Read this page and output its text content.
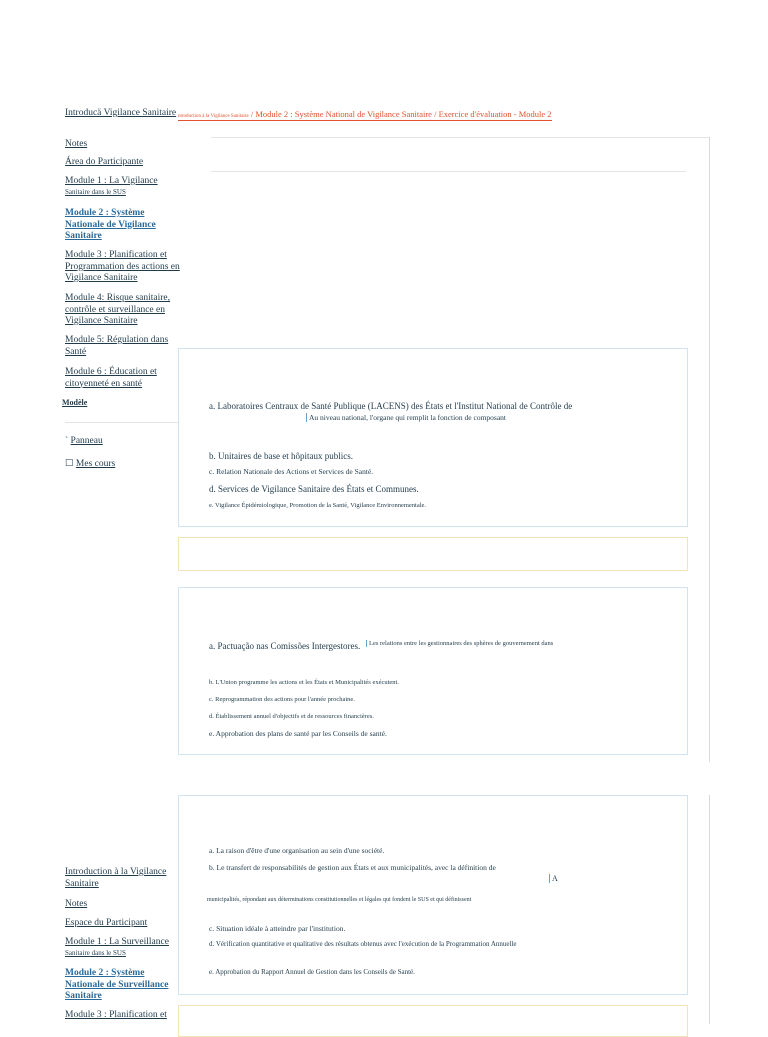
Introducä Vigilance Sanitaire
Notes
Área do Participante
Module 1 : La Vigilance
Sanitaire dans le SUS
Module 2 : Système Nationale de Vigilance Sanitaire
Module 3 : Planification et Programmation des actions en Vigilance Sanitaire
Module 4: Risque sanitaire, contrôle et surveillance en Vigilance Sanitaire
Module 5: Régulation dans Santé
Module 6 : Éducation et citoyenneté en santé
Modèle
ˋ Panneau
☐ Mes cours
ntroduction à la Vigilance Sanitaire / Module 2 : Système National de Vigilance Sanitaire / Exercice d'évaluation - Module 2
a. Laboratoires Centraux de Santé Publique (LACENS) des États et l'Institut National de Contrôle de
Au niveau national, l'organe qui remplit la fonction de composant
b. Unitaires de base et hôpitaux publics.
c. Relation Nationale des Actions et Services de Santé.
d. Services de Vigilance Sanitaire des États et Communes.
e. Vigilance Épidémiologique, Promotion de la Santé, Vigilance Environnementale.
a. Pactuação nas Comissões Intergestores.	Les relations entre les gestionnaires des sphères de gouvernement dans
b. L'Union programme les actions et les États et Municipalités exécutent.
c. Reprogrammation des actions pour l'année prochaine.
d. Établissement annuel d'objectifs et de ressources financières.
e. Approbation des plans de santé par les Conseils de santé.
a. La raison d'être d'une organisation au sein d'une société.
b. Le transfert de responsabilités de gestion aux États et aux municipalités, avec la définition de
A
municipalités, répondant aux déterminations constitutionnelles et légales qui fondent le SUS et qui définissent
c. Situation idéale à atteindre par l'institution.
d. Vérification quantitative et qualitative des résultats obtenus avec l'exécution de la Programmation Annuelle
e. Approbation du Rapport Annuel de Gestion dans les Conseils de Santé.
Introduction à la Vigilance Sanitaire
Notes
Espace du Participant
Module 1 : La Surveillance
Sanitaire dans le SUS
Module 2 : Système Nationale de Surveillance Sanitaire
Module 3 : Planification et
